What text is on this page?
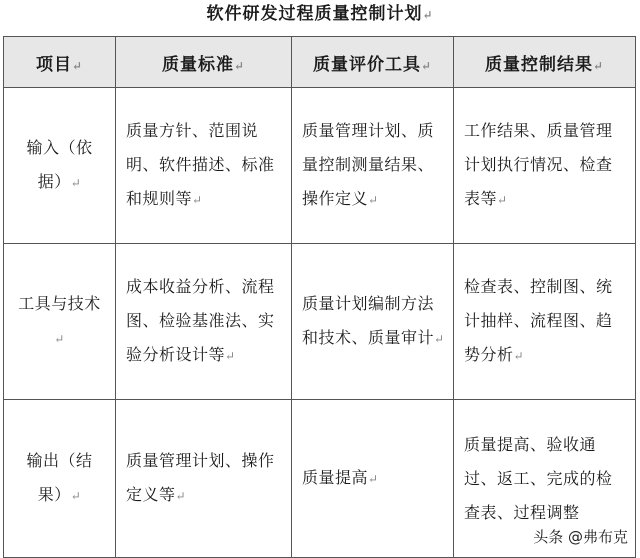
软件研发过程质量控制计划↵
项目↵	质量标准↵	质量评价工具↵	质量控制结果↵
输入（依据）↵	质量方针、范围说明、软件描述、标准和规则等↵	质量管理计划、质量控制测量结果、操作定义↵	工作结果、质量管理计划执行情况、检查表等↵
工具与技术↵	成本收益分析、流程图、检验基准法、实验分析设计等↵	质量计划编制方法和技术、质量审计↵	检查表、控制图、统计抽样、流程图、趋势分析↵
输出（结果）↵	质量管理计划、操作定义等↵	质量提高↵	质量提高、验收通过、返工、完成的检查表、过程调整
头条 @弗布克
